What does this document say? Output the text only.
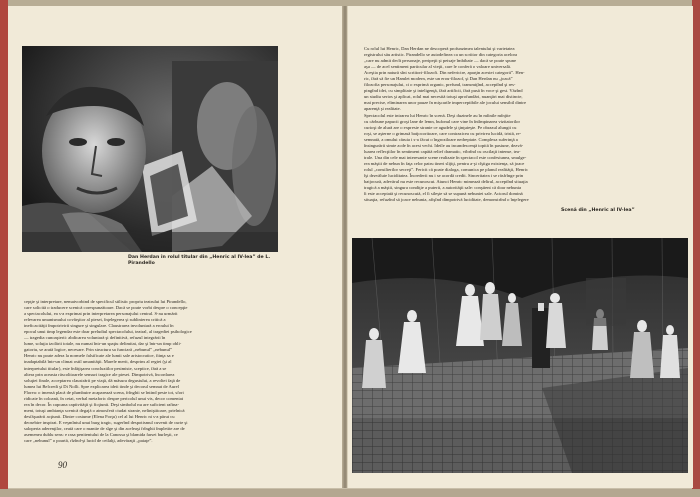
Dan Herdan în rolul titular din „Henric al IV-lea” de L.
Pirandello
cepţie şi interpretare, nemaivorbind de specificul stilistic propriu teatrului lui Pirandello,
care solicită o traducere scenică corespunzătoare. Dacă se poate vorbi despre o concepţie
a spectacolului, ea s-a exprimat prin interpretarea personajului central. S-au urmărit
relevarea umanismului covârşitor al piesei, înţelegerea şi sublinierea critică a
ineficacităţii împotrivirii singure şi singulare. Claustrarea involuntară a eroului în
epocul unui timp legendar este doar preludiul spectacolului, teatral, al tragediei psihologice
— tragedia cunoaşterii: abdicarea voluntară şi definitivă, refuzul integrării în
lume, soluţia izolării totale, nu numai într-un spaţiu delimitat, dar şi într-un timp obli-
gatoriu, se arată logice, necesare. Prin structura sa funciară „nebunul” „nebunul”
Henric nu poate adera la normele falsificate ale lumii sale aristocratice, fiinţa sa e
inadaptabilă într-un climat ostil umanităţii. Marele merit, desprins al regiei (şi al
interpretului titular), este înfăţişarea concluziilor pesimiste, sceptice, fără a se
altera prin aceasta răscolitoarele sensuri tragice ale piesei. Dimpotrivă, încordarea
soluţiei finale, acceptarea claustrării pe viaţă, dă măsura degustului, a revoltei faţă de
lumea lui Belcredi şi Di Nolli. Spre explicarea ideii tinde şi decorul semnat de Aurel
Florea: o imensă placă de plumbuire acaparează scena, frînghii se întind peste tot, sfori
ridicate în coloană, în cetat, verbal metaforic despre pericolul unui vis, decor comentat
rea în decor. În capcana captivităţii şi ficţiunii. Deşi simbolul nu are suficient rafina-
ment, totuşi ambianţa scenică degajă o atmosferă ciudat stranie, neliniştitoare, prielnică
desfăşurării acţiunii. Dintre costume (Elena Forţu) cel al lui Henric ni s-a părut cu
deosebire inspirat. E veşmîntul unui burg tragic, sugerînd despotismul cuvenit de curte şi
saloperia aderenţilor, ceată care o mantie de sîge şi din aceleaşi frînghii împletite are de
asemenea dublu sens: e rasa penitentului de la Canossa şi blamida farsei burleşti, ce
care „nebunul” o poartă, rîzînd-şi lucid de ceilalţi, adevăraţii „paiaţe”.
90
Cu rolul lui Henric, Dan Herdan ne descoperă profunzimea talentului şi varietatea
registrului său artistic. Pirandello se autodefinea ca un scriitor din categoria acelora
„care nu admit decît personaje, peripeţii şi peisaje îmbibate — dacă se poate spune
aşa — de acel sentiment particular al vieţii, care le conferă o valoare universală.
Aceştia prin natură sînt scriitori-filozofi. Din nefericire, aparţin acestei categorii”. Hen-
ric, fără să fie un Hamlet modern, este un erou-filozof, şi Dan Herdan nu „joacă”
filozofia personajului, ci o exprimă organic, prefund, transmiţînd, acceptînd şi res-
pingînd idei, cu simplitate şi inteligenţă, fără artificii, fără pusă în voce şi gest. Văzînd
un studiu serios şi aplicat, rolul mai necesită totuşi aprofundări, nuanţări mai distincte,
mai precise, eliminarea unor pauze în mişcarile imperceptibile ale jocului sensibil dintre
aparenţă şi realitate.
Spectacolul este intrarea lui Henric în scenă. Deşi duzinele au în mîinile mînjite
cu cărbune papucii groşi lane de lemn, bufonul care vine în întîmpinarea vizitatorilor
curioşi de alură are o expresie stranie ce agudele şi ţinţuieşte. Pe obrazul alungit cu
roşi, se aşterne o grimasă batjocoritoare, care contrazicea cu privirea lucidă, tristă, re-
semnată, a omului căruia i s-a făcut o îngroziloare nedreptate. Complexa suferinţă a
însingurării simte acde în acest vechi. Ideile au incandescenţă topită în pasiune, dezvă-
luarea reflecţiilor în sentiment capătă relief dramatic, vibrînd cu oscilaţii intense, tea-
trale. Una din cele mai interesante scene realizate în spectacol este confesiunea, smulge-
rea măştii de nebun în faţa celor patru tineri slijiţi, pentru a-şi cîştiga existenţa, să joace
rolul „consilierilor secreţi”. Fericit că poate dialoga, comunica pe planul realităţii, Henric
îşi dezvăluie luciditatea. Încrederii nu i se acordă credit. Sinceritatea i se răsfrînge prin
batjocură, adevărul nu este recunoscut. Atunci Henric mimează delirul, acceptînd situaţia
tragică a măştii, singura condiţie a puterii, a autorităţii sale: conştient că doar nebunia
îi este acceptată şi recunoscută, el îi sileşte să se supună nebuniei sale. Actorul domină
situaţia, refuzînd să joace nebunia, afişînd dimpotrivă luciditate, demonstrînd o înţelegere
Scenă din „Henric al IV-lea”
